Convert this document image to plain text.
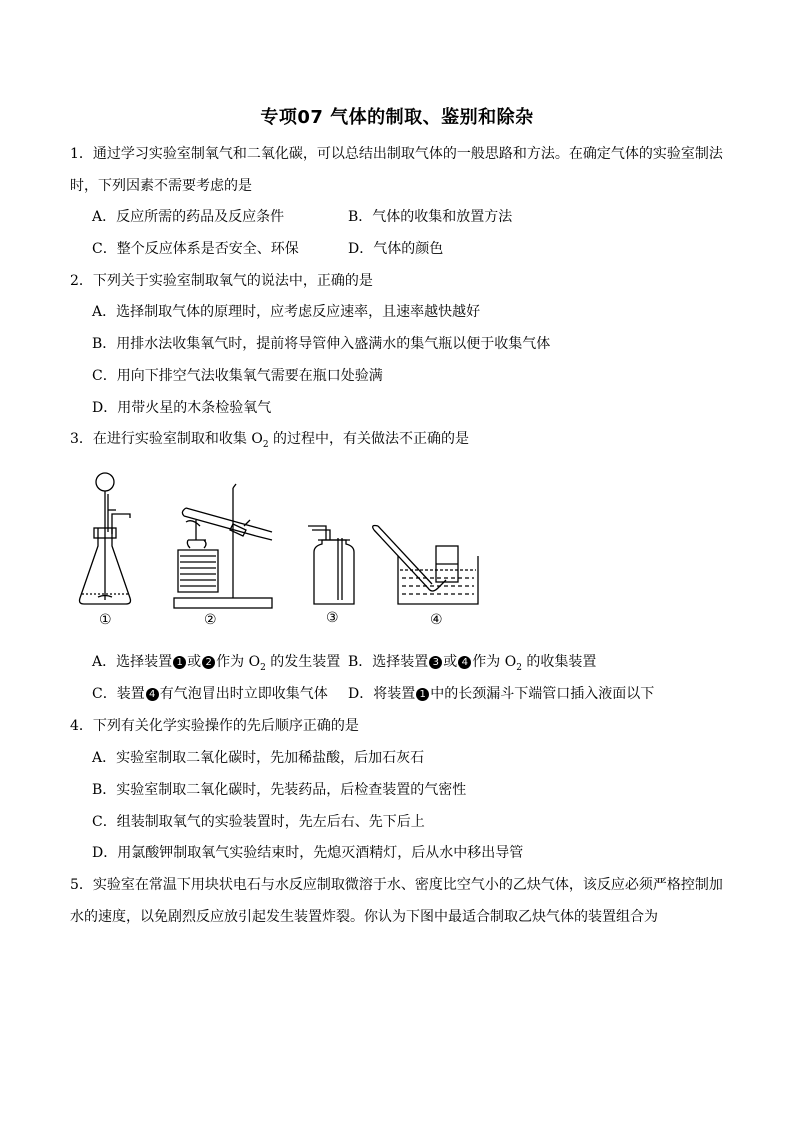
专项07 气体的制取、鉴别和除杂
1．通过学习实验室制氧气和二氧化碳，可以总结出制取气体的一般思路和方法。在确定气体的实验室制法
时，下列因素不需要考虑的是
A．反应所需的药品及反应条件	B．气体的收集和放置方法
C．整个反应体系是否安全、环保	D．气体的颜色
2．下列关于实验室制取氧气的说法中，正确的是
A．选择制取气体的原理时，应考虑反应速率，且速率越快越好
B．用排水法收集氧气时，提前将导管伸入盛满水的集气瓶以便于收集气体
C．用向下排空气法收集氧气需要在瓶口处验满
D．用带火星的木条检验氧气
3．在进行实验室制取和收集 $O_2$ 的过程中，有关做法不正确的是
①	②	③	④
A．选择装置 1 或 2 作为 $O_2$ 的发生装置 B．选择装置 3 或 4 作为 $O_2$ 的收集装置
C．装置 4 有气泡冒出时立即收集气体 D．将装置 1 中的长颈漏斗下端管口插入液面以下
4．下列有关化学实验操作的先后顺序正确的是
A．实验室制取二氧化碳时，先加稀盐酸，后加石灰石
B．实验室制取二氧化碳时，先装药品，后检查装置的气密性
C．组装制取氧气的实验装置时，先左后右、先下后上
D．用氯酸钾制取氧气实验结束时，先熄灭酒精灯，后从水中移出导管
5．实验室在常温下用块状电石与水反应制取微溶于水、密度比空气小的乙炔气体，该反应必须严格控制加
水的速度，以免剧烈反应放引起发生装置炸裂。你认为下图中最适合制取乙炔气体的装置组合为
